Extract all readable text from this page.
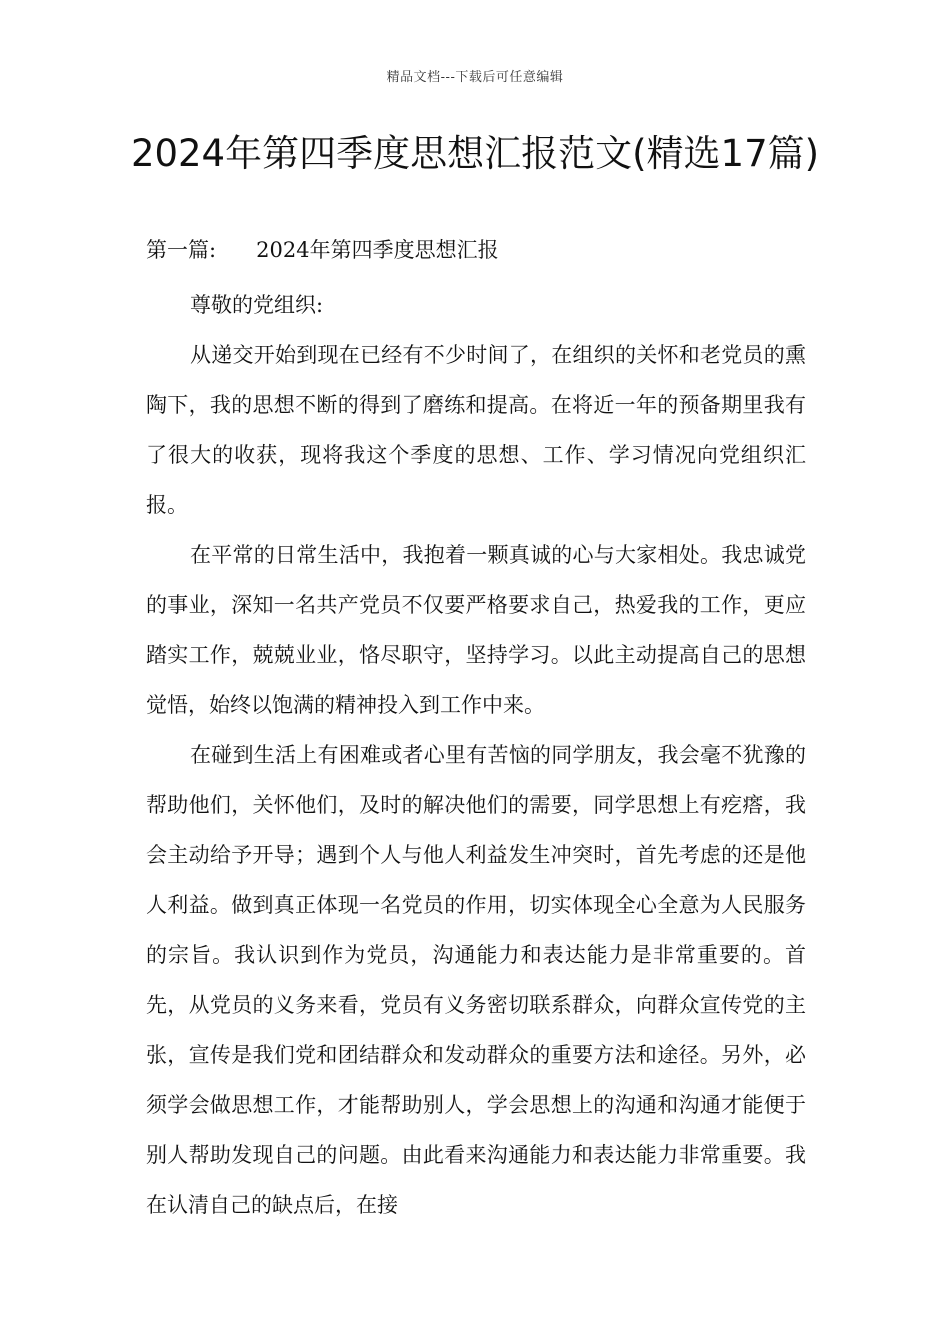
精品文档---下载后可任意编辑
2024年第四季度思想汇报范文(精选17篇)
第一篇:      2024年第四季度思想汇报

尊敬的党组织:

从递交开始到现在已经有不少时间了，在组织的关怀和老党员的熏陶下，我的思想不断的得到了磨练和提高。在将近一年的预备期里我有了很大的收获，现将我这个季度的思想、工作、学习情况向党组织汇报。

在平常的日常生活中，我抱着一颗真诚的心与大家相处。我忠诚党的事业，深知一名共产党员不仅要严格要求自己，热爱我的工作，更应踏实工作，兢兢业业，恪尽职守，坚持学习。以此主动提高自己的思想觉悟，始终以饱满的精神投入到工作中来。

在碰到生活上有困难或者心里有苦恼的同学朋友，我会毫不犹豫的帮助他们，关怀他们，及时的解决他们的需要，同学思想上有疙瘩，我会主动给予开导；遇到个人与他人利益发生冲突时，首先考虑的还是他人利益。做到真正体现一名党员的作用，切实体现全心全意为人民服务的宗旨。我认识到作为党员，沟通能力和表达能力是非常重要的。首先，从党员的义务来看，党员有义务密切联系群众，向群众宣传党的主张，宣传是我们党和团结群众和发动群众的重要方法和途径。另外，必须学会做思想工作，才能帮助别人，学会思想上的沟通和沟通才能便于别人帮助发现自己的问题。由此看来沟通能力和表达能力非常重要。我在认清自己的缺点后，在接
